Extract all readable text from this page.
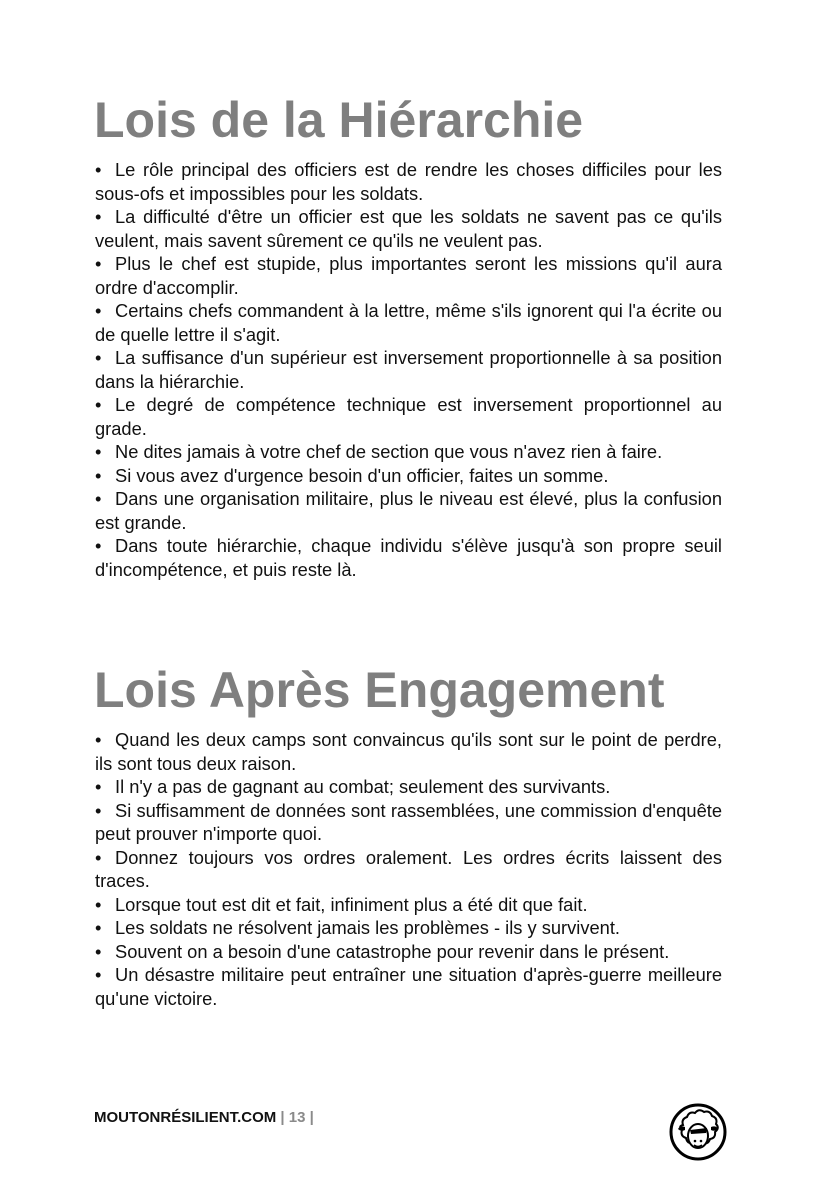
Lois de la Hiérarchie
• Le rôle principal des officiers est de rendre les choses difficiles pour les sous-ofs et impossibles pour les soldats.
• La difficulté d'être un officier est que les soldats ne savent pas ce qu'ils veulent, mais savent sûrement ce qu'ils ne veulent pas.
• Plus le chef est stupide, plus importantes seront les missions qu'il aura ordre d'accomplir.
• Certains chefs commandent à la lettre, même s'ils ignorent qui l'a écrite ou de quelle lettre il s'agit.
• La suffisance d'un supérieur est inversement proportionnelle à sa position dans la hiérarchie.
• Le degré de compétence technique est inversement proportionnel au grade.
• Ne dites jamais à votre chef de section que vous n'avez rien à faire.
• Si vous avez d'urgence besoin d'un officier, faites un somme.
• Dans une organisation militaire, plus le niveau est élevé, plus la confusion est grande.
• Dans toute hiérarchie, chaque individu s'élève jusqu'à son propre seuil d'incompétence, et puis reste là.
Lois Après Engagement
• Quand les deux camps sont convaincus qu'ils sont sur le point de perdre, ils sont tous deux raison.
• Il n'y a pas de gagnant au combat; seulement des survivants.
• Si suffisamment de données sont rassemblées, une commission d'enquête peut prouver n'importe quoi.
• Donnez toujours vos ordres oralement. Les ordres écrits laissent des traces.
• Lorsque tout est dit et fait, infiniment plus a été dit que fait.
• Les soldats ne résolvent jamais les problèmes - ils y survivent.
• Souvent on a besoin d'une catastrophe pour revenir dans le présent.
• Un désastre militaire peut entraîner une situation d'après-guerre meilleure qu'une victoire.
MOUTONRÉSILIENT.COM | 13 |
